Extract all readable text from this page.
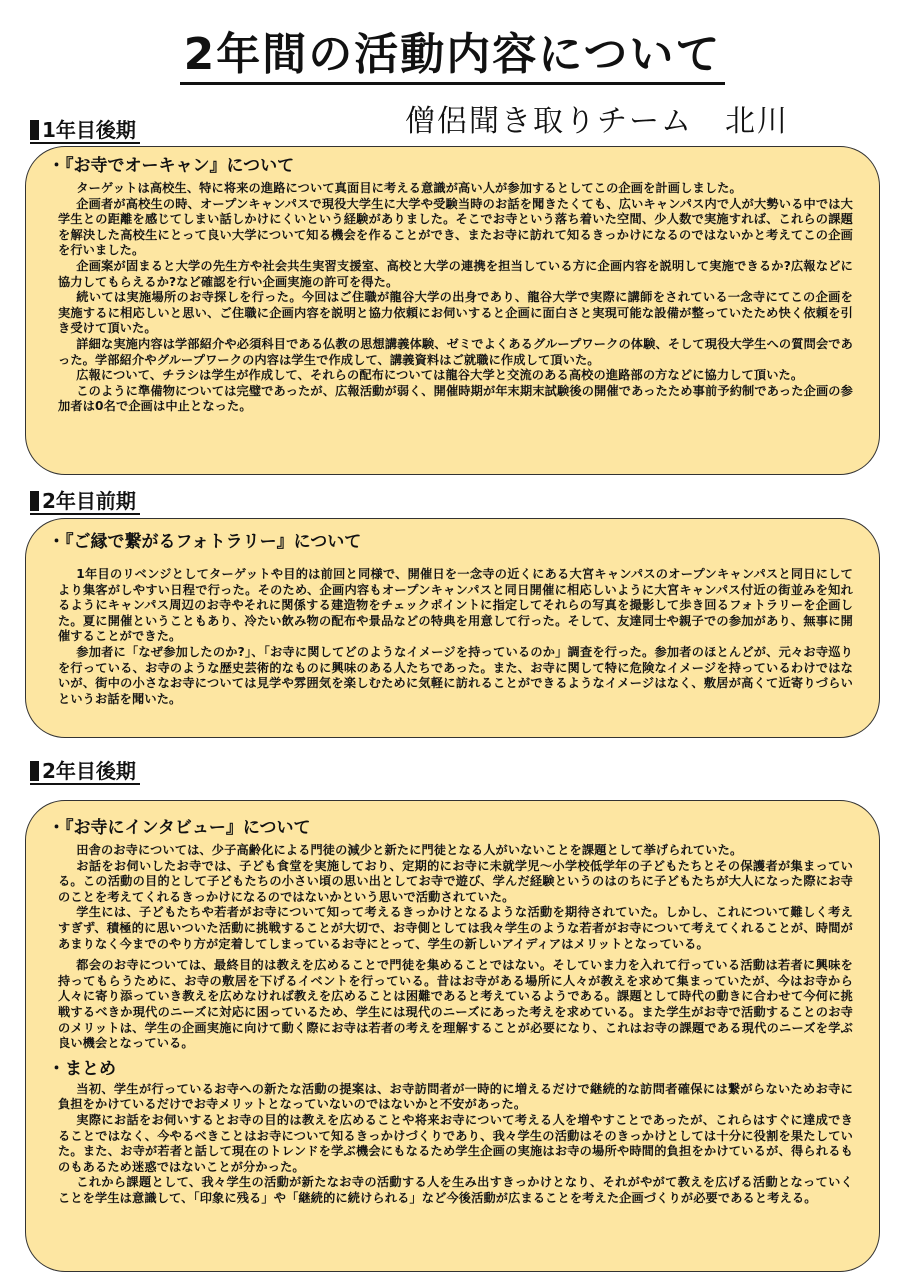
2年間の活動内容について
僧侶聞き取りチーム　北川
1年目後期
・『お寺でオーキャン』について

ターゲットは高校生、特に将来の進路について真面目に考える意識が高い人が参加するとしてこの企画を計画しました。

企画者が高校生の時、オープンキャンパスで現役大学生に大学や受験当時のお話を聞きたくても、広いキャンパス内で人が大勢いる中では大学生との距離を感じてしまい話しかけにくいという経験がありました。そこでお寺という落ち着いた空間、少人数で実施すれば、これらの課題を解決した高校生にとって良い大学について知る機会を作ることができ、またお寺に訪れて知るきっかけになるのではないかと考えてこの企画を行いました。

企画案が固まると大学の先生方や社会共生実習支援室、高校と大学の連携を担当している方に企画内容を説明して実施できるか?広報などに協力してもらえるか?など確認を行い企画実施の許可を得た。

続いては実施場所のお寺探しを行った。今回はご住職が龍谷大学の出身であり、龍谷大学で実際に講師をされている一念寺にてこの企画を実施するに相応しいと思い、ご住職に企画内容を説明と協力依頼にお伺いすると企画に面白さと実現可能な設備が整っていたため快く依頼を引き受けて頂いた。

詳細な実施内容は学部紹介や必須科目である仏教の思想講義体験、ゼミでよくあるグループワークの体験、そして現役大学生への質問会であった。学部紹介やグループワークの内容は学生で作成して、講義資料はご就職に作成して頂いた。

広報について、チラシは学生が作成して、それらの配布については龍谷大学と交流のある高校の進路部の方などに協力して頂いた。

このように準備物については完璧であったが、広報活動が弱く、開催時期が年末期末試験後の開催であったため事前予約制であった企画の参加者は0名で企画は中止となった。

2年目前期
・『ご縁で繋がるフォトラリー』について

1年目のリベンジとしてターゲットや目的は前回と同様で、開催日を一念寺の近くにある大宮キャンパスのオープンキャンパスと同日にしてより集客がしやすい日程で行った。そのため、企画内容もオープンキャンパスと同日開催に相応しいように大宮キャンパス付近の街並みを知れるようにキャンパス周辺のお寺やそれに関係する建造物をチェックポイントに指定してそれらの写真を撮影して歩き回るフォトラリーを企画した。夏に開催ということもあり、冷たい飲み物の配布や景品などの特典を用意して行った。そして、友達同士や親子での参加があり、無事に開催することができた。

参加者に「なぜ参加したのか?」、「お寺に関してどのようなイメージを持っているのか」調査を行った。参加者のほとんどが、元々お寺巡りを行っている、お寺のような歴史芸術的なものに興味のある人たちであった。また、お寺に関して特に危険なイメージを持っているわけではないが、街中の小さなお寺については見学や雰囲気を楽しむために気軽に訪れることができるようなイメージはなく、敷居が高くて近寄りづらいというお話を聞いた。

2年目後期
・『お寺にインタビュー』について

田舎のお寺については、少子高齢化による門徒の減少と新たに門徒となる人がいないことを課題として挙げられていた。

お話をお伺いしたお寺では、子ども食堂を実施しており、定期的にお寺に未就学児〜小学校低学年の子どもたちとその保護者が集まっている。この活動の目的として子どもたちの小さい頃の思い出としてお寺で遊び、学んだ経験というのはのちに子どもたちが大人になった際にお寺のことを考えてくれるきっかけになるのではないかという思いで活動されていた。

学生には、子どもたちや若者がお寺について知って考えるきっかけとなるような活動を期待されていた。しかし、これについて難しく考えすぎず、積極的に思いついた活動に挑戦することが大切で、お寺側としては我々学生のような若者がお寺について考えてくれることが、時間があまりなく今までのやり方が定着してしまっているお寺にとって、学生の新しいアイディアはメリットとなっている。

都会のお寺については、最終目的は教えを広めることで門徒を集めることではない。そしていま力を入れて行っている活動は若者に興味を持ってもらうために、お寺の敷居を下げるイベントを行っている。昔はお寺がある場所に人々が教えを求めて集まっていたが、今はお寺から人々に寄り添っていき教えを広めなければ教えを広めることは困難であると考えているようである。課題として時代の動きに合わせて今何に挑戦するべきか現代のニーズに対応に困っているため、学生には現代のニーズにあった考えを求めている。また学生がお寺で活動することのお寺のメリットは、学生の企画実施に向けて動く際にお寺は若者の考えを理解することが必要になり、これはお寺の課題である現代のニーズを学ぶ良い機会となっている。

・まとめ

当初、学生が行っているお寺への新たな活動の提案は、お寺訪問者が一時的に増えるだけで継続的な訪問者確保には繋がらないためお寺に負担をかけているだけでお寺メリットとなっていないのではないかと不安があった。

実際にお話をお伺いするとお寺の目的は教えを広めることや将来お寺について考える人を増やすことであったが、これらはすぐに達成できることではなく、今やるべきことはお寺について知るきっかけづくりであり、我々学生の活動はそのきっかけとしては十分に役割を果たしていた。また、お寺が若者と話して現在のトレンドを学ぶ機会にもなるため学生企画の実施はお寺の場所や時間的負担をかけているが、得られるものもあるため迷惑ではないことが分かった。

これから課題として、我々学生の活動が新たなお寺の活動する人を生み出すきっかけとなり、それがやがて教えを広げる活動となっていくことを学生は意識して、「印象に残る」や「継続的に続けられる」など今後活動が広まることを考えた企画づくりが必要であると考える。
